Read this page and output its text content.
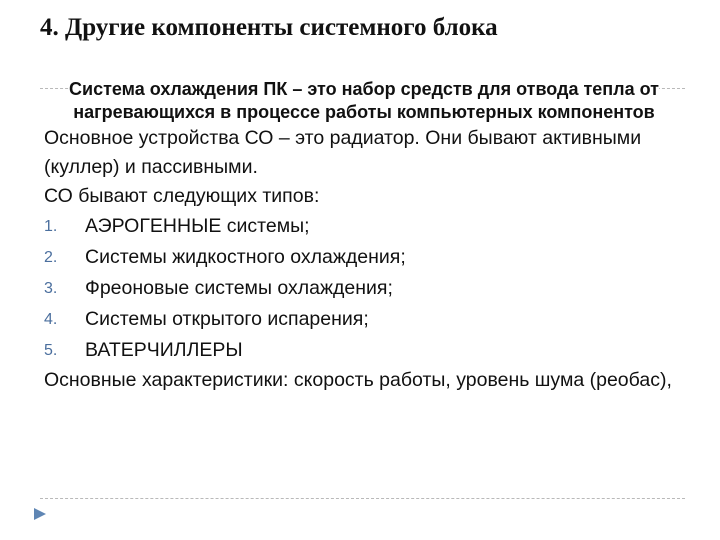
4. Другие компоненты системного блока

Система охлаждения ПК – это набор средств для отвода тепла от нагревающихся в процессе работы компьютерных компонентов

Основное устройства СО – это радиатор. Они бывают активными (куллер) и пассивными.

СО бывают следующих типов:

1.	АЭРОГЕННЫЕ системы;
2.	Системы жидкостного охлаждения;
3.	Фреоновые системы охлаждения;
4.	Системы открытого испарения;
5.	ВАТЕРЧИЛЛЕРЫ

Основные характеристики: скорость работы, уровень шума (реобас),
